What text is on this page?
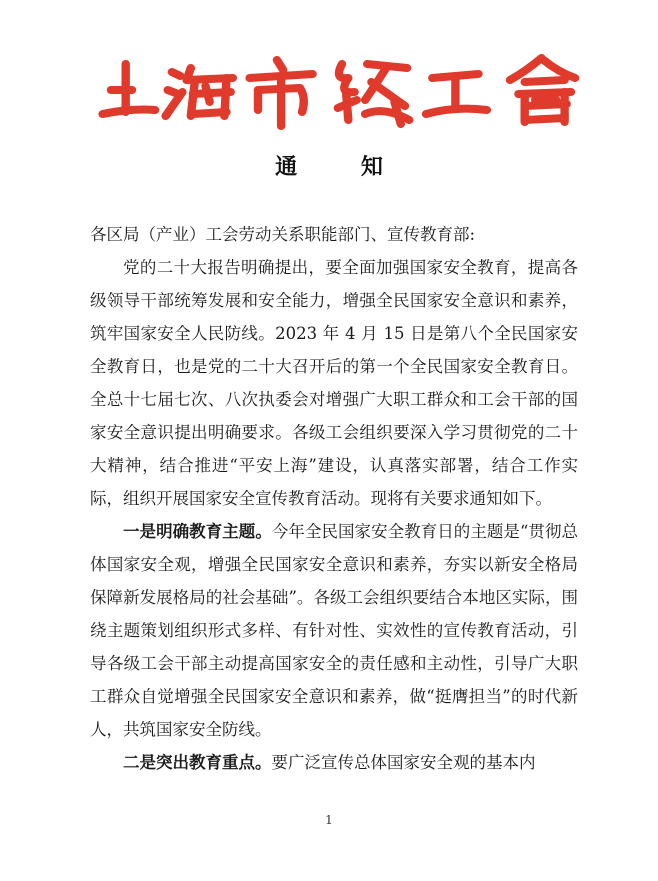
通 知

各区局（产业）工会劳动关系职能部门、宣传教育部:

党的二十大报告明确提出，要全面加强国家安全教育，提高各级领导干部统筹发展和安全能力，增强全民国家安全意识和素养，筑牢国家安全人民防线。2023 年 4 月 15 日是第八个全民国家安全教育日，也是党的二十大召开后的第一个全民国家安全教育日。全总十七届七次、八次执委会对增强广大职工群众和工会干部的国家安全意识提出明确要求。各级工会组织要深入学习贯彻党的二十大精神，结合推进“平安上海”建设，认真落实部署，结合工作实际，组织开展国家安全宣传教育活动。现将有关要求通知如下。

一是明确教育主题。今年全民国家安全教育日的主题是“贯彻总体国家安全观，增强全民国家安全意识和素养，夯实以新安全格局保障新发展格局的社会基础”。各级工会组织要结合本地区实际，围绕主题策划组织形式多样、有针对性、实效性的宣传教育活动，引导各级工会干部主动提高国家安全的责任感和主动性，引导广大职工群众自觉增强全民国家安全意识和素养，做“挺膺担当”的时代新人，共筑国家安全防线。

二是突出教育重点。要广泛宣传总体国家安全观的基本内

1
